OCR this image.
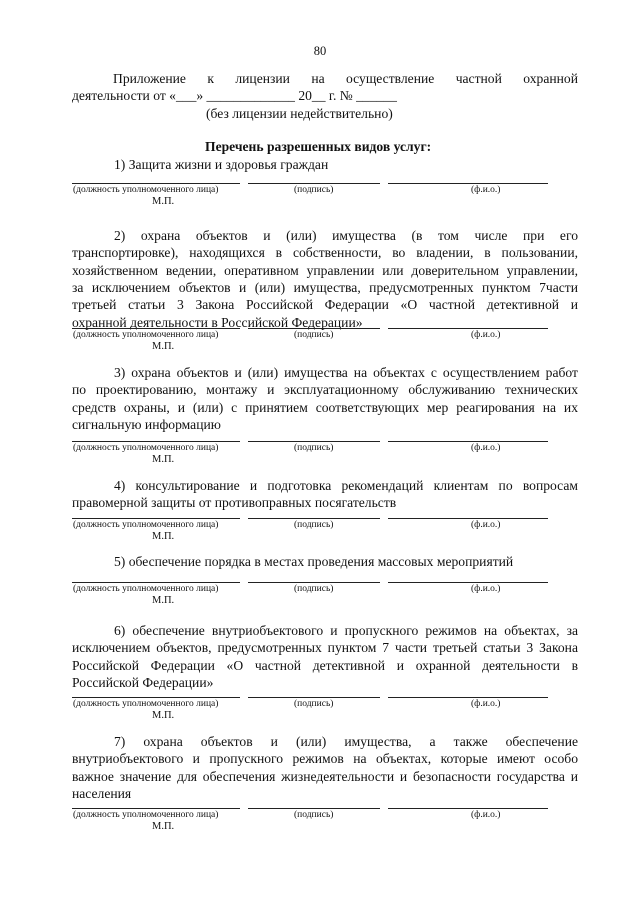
80
Приложение к лицензии на осуществление частной охранной
деятельности от «___» _____________ 20__ г. № ______
(без лицензии недействительно)
Перечень разрешенных видов услуг:
1) Защита жизни и здоровья граждан
2) охрана объектов и (или) имущества (в том числе при его
транспортировке), находящихся в собственности, во владении, в пользовании,
хозяйственном ведении, оперативном управлении или доверительном управлении,
за исключением объектов и (или) имущества, предусмотренных пунктом 7части
третьей статьи 3 Закона Российской Федерации «О частной детективной и
охранной деятельности в Российской Федерации»
3) охрана объектов и (или) имущества на объектах с осуществлением работ
по проектированию, монтажу и эксплуатационному обслуживанию технических
средств охраны, и (или) с принятием соответствующих мер реагирования на их
сигнальную информацию
4) консультирование и подготовка рекомендаций клиентам по вопросам
правомерной защиты от противоправных посягательств
5) обеспечение порядка в местах проведения массовых мероприятий
6) обеспечение внутриобъектового и пропускного режимов на объектах, за
исключением объектов, предусмотренных пунктом 7 части третьей статьи 3 Закона
Российской Федерации «О частной детективной и охранной деятельности в
Российской Федерации»
7) охрана объектов и (или) имущества, а также обеспечение
внутриобъектового и пропускного режимов на объектах, которые имеют особо
важное значение для обеспечения жизнедеятельности и безопасности государства и
населения
(должность уполномоченного лица)	(подпись)	(ф.и.о.)
М.П.
(должность уполномоченного лица)	(подпись)	(ф.и.о.)
М.П.
(должность уполномоченного лица)	(подпись)	(ф.и.о.)
М.П.
(должность уполномоченного лица)	(подпись)	(ф.и.о.)
М.П.
(должность уполномоченного лица)	(подпись)	(ф.и.о.)
М.П.
(должность уполномоченного лица)	(подпись)	(ф.и.о.)
М.П.
(должность уполномоченного лица)	(подпись)	(ф.и.о.)
М.П.
